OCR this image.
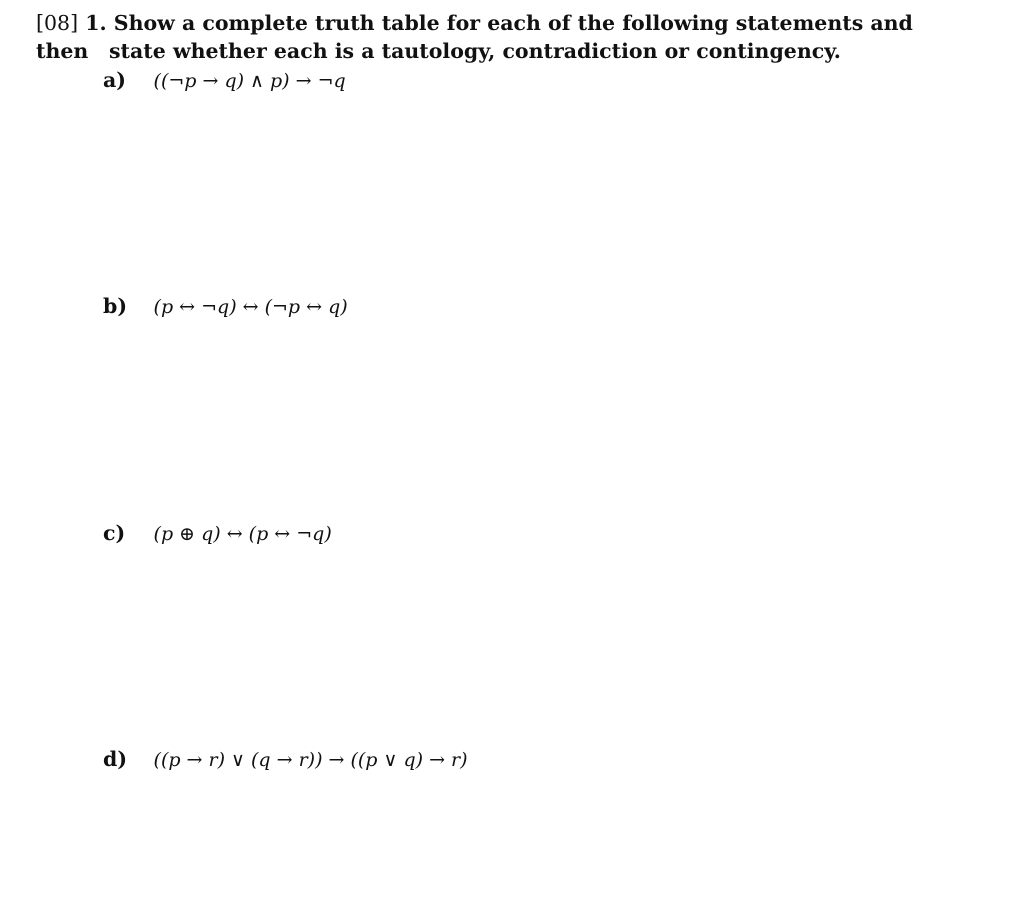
[08] 1. Show a complete truth table for each of the following statements and then	state whether each is a tautology, contradiction or contingency.
a) ((¬p → q) ∧ p) → ¬q
b) (p ↔ ¬q) ↔ (¬p ↔ q)
c) (p ⊕ q) ↔ (p ↔ ¬q)
d) ((p → r) ∨ (q → r)) → ((p ∨ q) → r)
